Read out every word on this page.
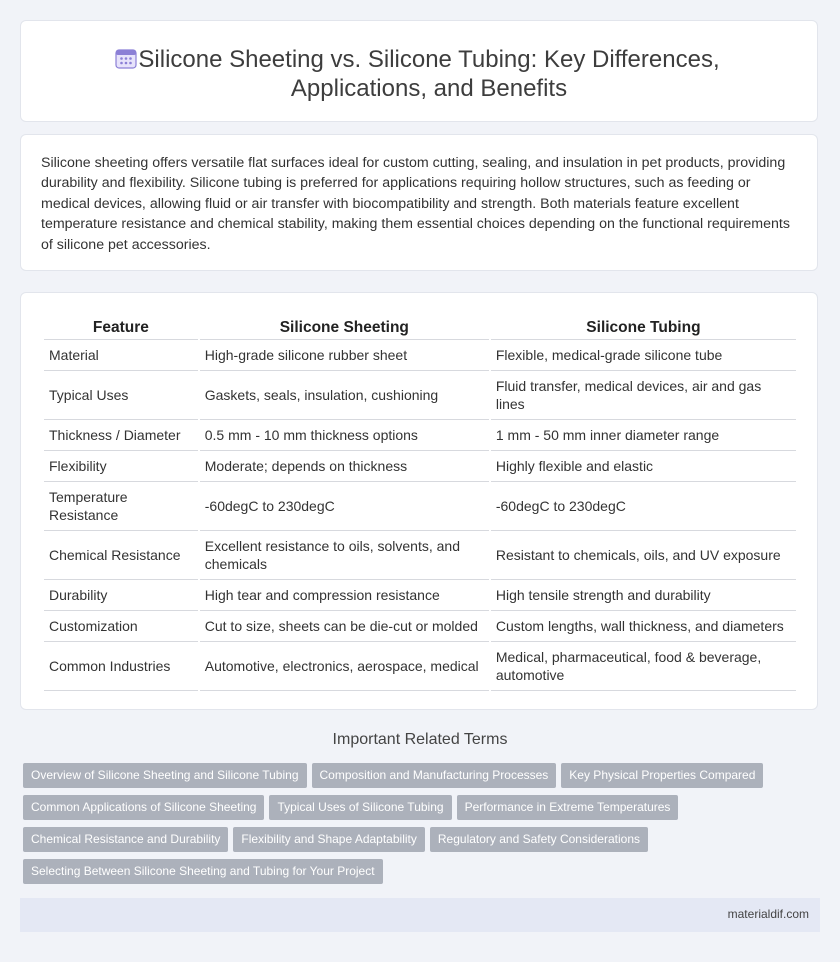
Silicone Sheeting vs. Silicone Tubing: Key Differences, Applications, and Benefits

Silicone sheeting offers versatile flat surfaces ideal for custom cutting, sealing, and insulation in pet products, providing durability and flexibility. Silicone tubing is preferred for applications requiring hollow structures, such as feeding or medical devices, allowing fluid or air transfer with biocompatibility and strength. Both materials feature excellent temperature resistance and chemical stability, making them essential choices depending on the functional requirements of silicone pet accessories.

Feature	Silicone Sheeting	Silicone Tubing
Material	High-grade silicone rubber sheet	Flexible, medical-grade silicone tube
Typical Uses	Gaskets, seals, insulation, cushioning	Fluid transfer, medical devices, air and gas lines
Thickness / Diameter	0.5 mm - 10 mm thickness options	1 mm - 50 mm inner diameter range
Flexibility	Moderate; depends on thickness	Highly flexible and elastic
Temperature Resistance	-60degC to 230degC	-60degC to 230degC
Chemical Resistance	Excellent resistance to oils, solvents, and chemicals	Resistant to chemicals, oils, and UV exposure
Durability	High tear and compression resistance	High tensile strength and durability
Customization	Cut to size, sheets can be die-cut or molded	Custom lengths, wall thickness, and diameters
Common Industries	Automotive, electronics, aerospace, medical	Medical, pharmaceutical, food & beverage, automotive
Important Related Terms
Overview of Silicone Sheeting and Silicone Tubing Composition and Manufacturing Processes Key Physical Properties ComparedCommon Applications of Silicone Sheeting Typical Uses of Silicone Tubing Performance in Extreme TemperaturesChemical Resistance and Durability Flexibility and Shape Adaptability Regulatory and Safety ConsiderationsSelecting Between Silicone Sheeting and Tubing for Your Project
materialdif.com
